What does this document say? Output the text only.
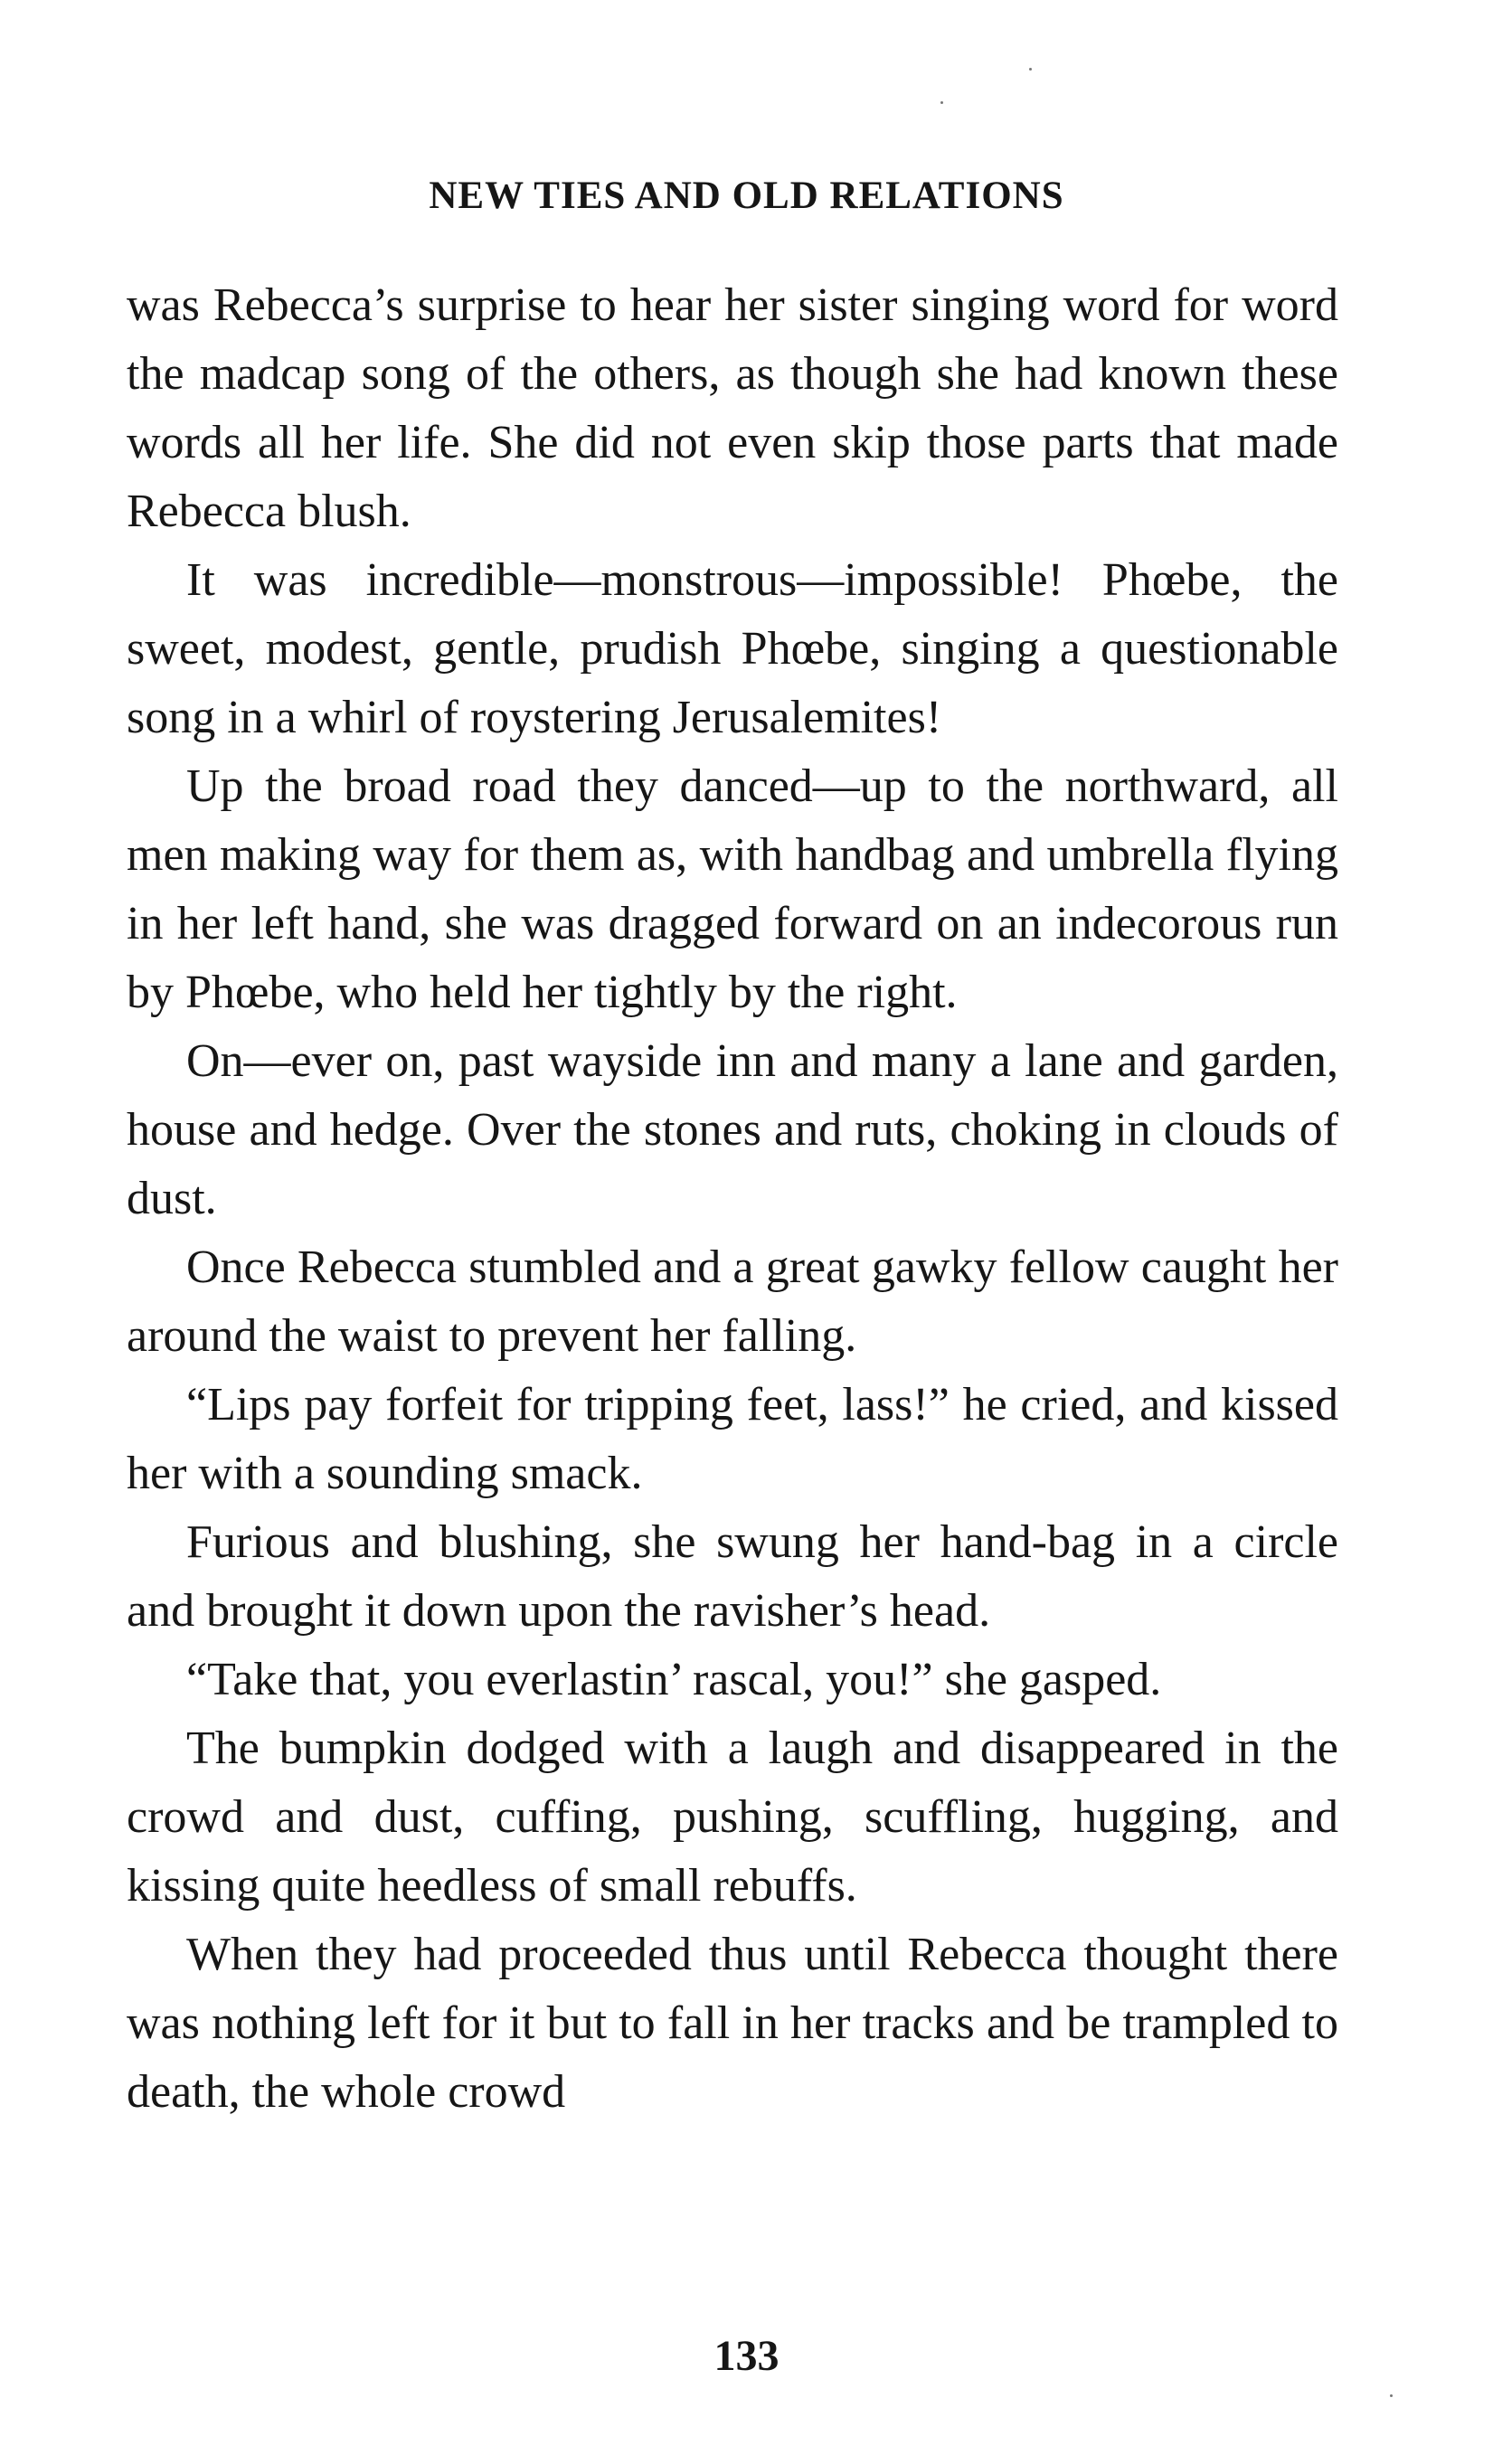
NEW TIES AND OLD RELATIONS

was Rebecca’s surprise to hear her sister singing word for word the madcap song of the others, as though she had known these words all her life. She did not even skip those parts that made Rebecca blush.

It was incredible—monstrous—impossible! Phœbe, the sweet, modest, gentle, prudish Phœbe, singing a questionable song in a whirl of roystering Jerusalemites!

Up the broad road they danced—up to the northward, all men making way for them as, with handbag and umbrella flying in her left hand, she was dragged forward on an indecorous run by Phœbe, who held her tightly by the right.

On—ever on, past wayside inn and many a lane and garden, house and hedge. Over the stones and ruts, choking in clouds of dust.

Once Rebecca stumbled and a great gawky fellow caught her around the waist to prevent her falling.

“Lips pay forfeit for tripping feet, lass!” he cried, and kissed her with a sounding smack.

Furious and blushing, she swung her hand-bag in a circle and brought it down upon the ravisher’s head.

“Take that, you everlastin’ rascal, you!” she gasped.

The bumpkin dodged with a laugh and disappeared in the crowd and dust, cuffing, pushing, scuffling, hugging, and kissing quite heedless of small rebuffs.

When they had proceeded thus until Rebecca thought there was nothing left for it but to fall in her tracks and be trampled to death, the whole crowd

133
